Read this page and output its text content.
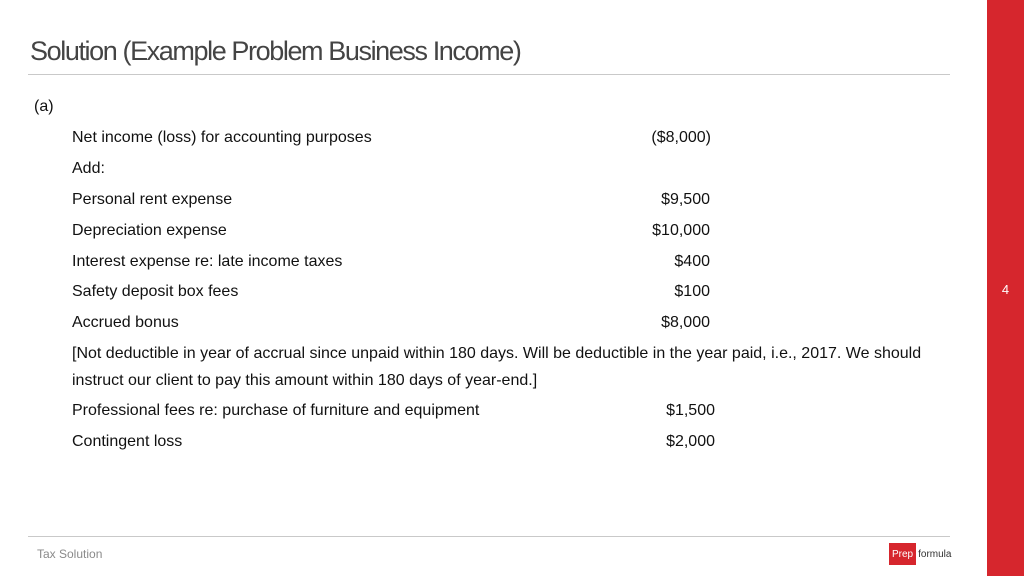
Solution (Example Problem Business Income)
4
(a)
Net income (loss) for accounting purposes	($8,000)
Add:
Personal rent expense	$9,500
Depreciation expense	$10,000
Interest expense re: late income taxes	$400
Safety deposit box fees	$100
Accrued bonus	$8,000
[Not deductible in year of accrual since unpaid within 180 days. Will be deductible in the year paid, i.e., 2017. We should instruct our client to pay this amount within 180 days of year-end.]
Professional fees re: purchase of furniture and equipment	$1,500
Contingent loss	$2,000
Tax Solution	Prep formula
